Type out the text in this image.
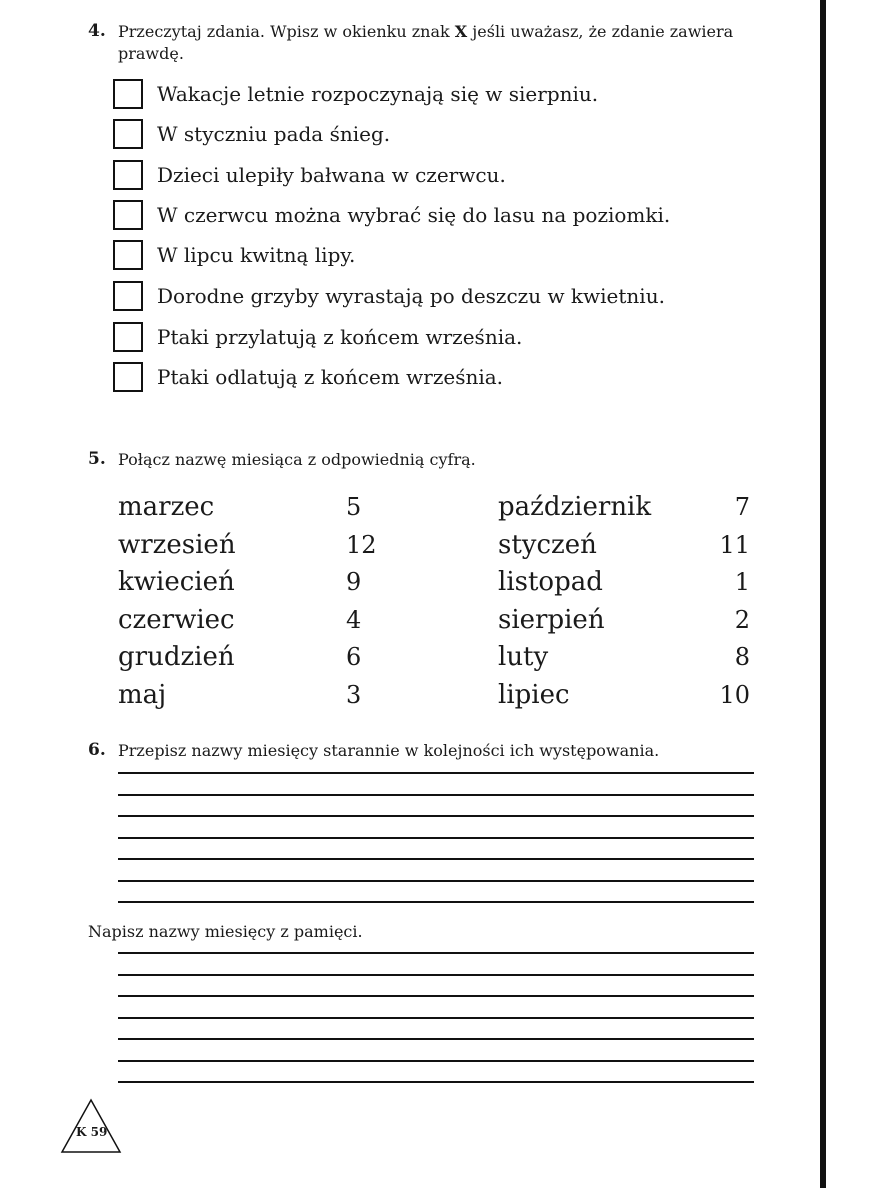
4. Przeczytaj zdania. Wpisz w okienku znak X jeśli uważasz, że zdanie zawiera
prawdę.
Wakacje letnie rozpoczynają się w sierpniu.
W styczniu pada śnieg.
Dzieci ulepiły bałwana w czerwcu.
W czerwcu można wybrać się do lasu na poziomki.
W lipcu kwitną lipy.
Dorodne grzyby wyrastają po deszczu w kwietniu.
Ptaki przylatują z końcem września.
Ptaki odlatują z końcem września.
5. Połącz nazwę miesiąca z odpowiednią cyfrą.
marzec
wrzesień
kwiecień
czerwiec
grudzień
maj
5
12
9
4
6
3
październik
styczeń
listopad
sierpień
luty
lipiec
7
11
1
2
8
10
6. Przepisz nazwy miesięcy starannie w kolejności ich występowania.
Napisz nazwy miesięcy z pamięci.
K 59
